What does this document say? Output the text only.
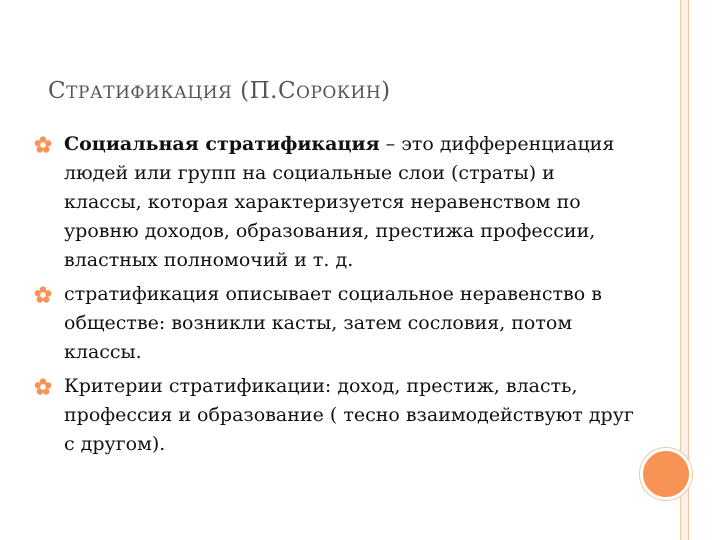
СТРАТИФИКАЦИЯ (П.СОРОКИН)
Социальная стратификация – это дифференциация людей или групп на социальные слои (страты) и классы, которая характеризуется неравенством по уровню доходов, образования, престижа профессии, властных полномочий и т. д.
стратификация описывает социальное неравенство в обществе: возникли касты, затем сословия, потом классы.
Критерии стратификации: доход, престиж, власть, профессия и образование ( тесно взаимодействуют друг с другом).
